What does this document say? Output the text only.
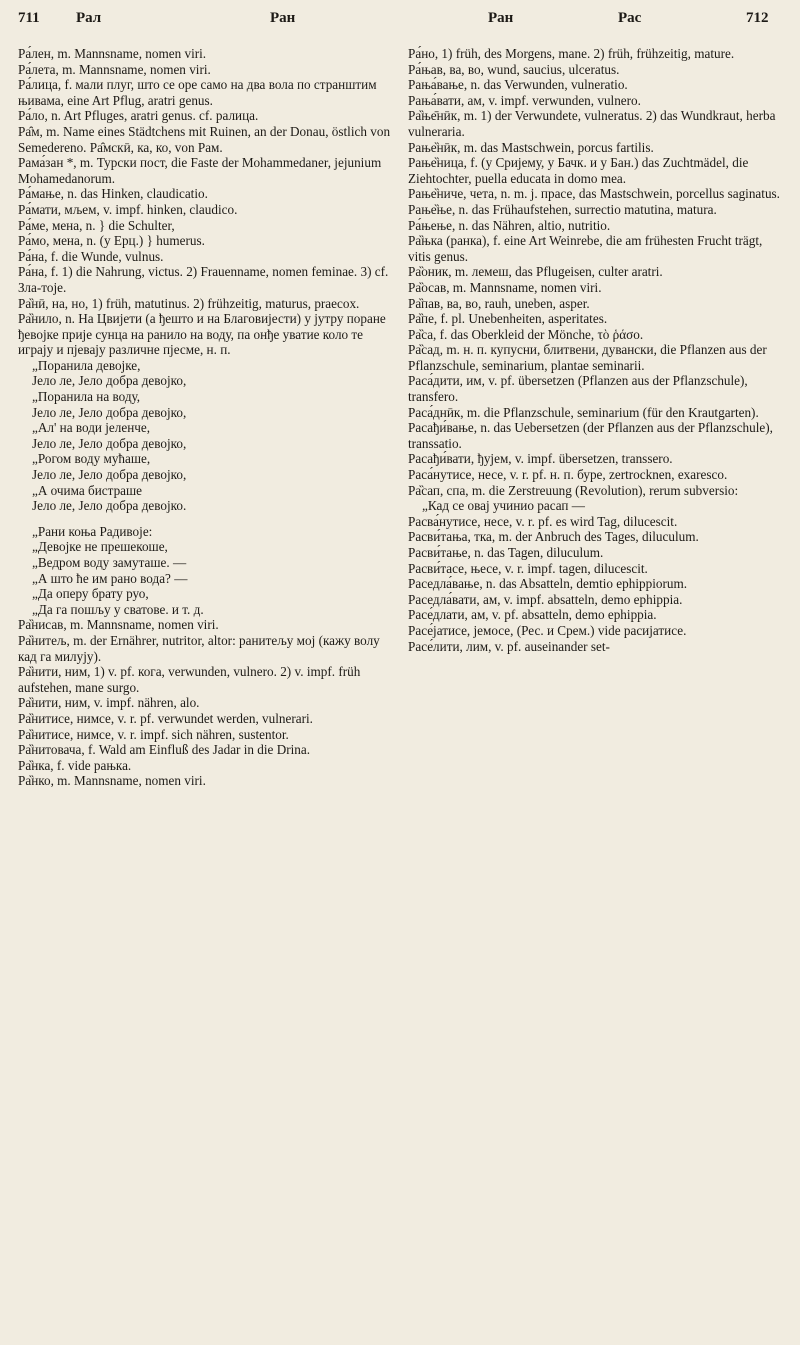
711 Рал	Ран	Ран	Рас	712

Ра́лен, m. Mannsname, nomen viri.

Ра́лета, m. Mannsname, nomen viri.

Ра́лица, f. мали плуг, што се оре само на два вола по странштим њивама, eine Art Pflug, aratri genus.

Ра́ло, n. Art Pfluges, aratri genus. cf. ралица.

Ра̑м, m. Name eines Städtchens mit Ruinen, an der Donau, östlich von Semedereno. Ра̑мскӣ, ка, ко, von Рам.

Рама́зан *, m. Турски пост, die Faste der Mohammedaner, jejunium Mohamedanorum.

Ра́мање, n. das Hinken, claudicatio.

Ра́мати, мљем, v. impf. hinken, claudico.

Ра́ме, мена, n. } die Schulter,

Ра́мо, мена, n. (у Ерц.) } humerus.

Ра́на, f. die Wunde, vulnus.

Ра́на, f. 1) die Nahrung, victus. 2) Frauenname, nomen feminae. 3) cf. Зла-тоје.

Ра̏нӣ, на, но, 1) früh, matutinus. 2) frühzeitig, maturus, praecox.

Ра̏нило, n. На Цвијети (а ђешто и на Благовијести) у јутру поране ђевојке прије сунца на ранило на воду, па онђе уватие коло те играју и пјевају различне пјесме, н. п.

„Поранила девојке,

Јело ле, Јело добра девојко,

„Поранила на воду,

Јело ле, Јело добра девојко,

„Ал' на води јеленче,

Јело ле, Јело добра девојко,

„Рогом воду мућаше,

Јело ле, Јело добра девојко,

„А очима бистраше

Јело ле, Јело добра девојко.

„Рани коња Радивоје:

„Девојке не прешекоше,

„Ведром воду замуташе. —

„А што ће им рано вода? —

„Да оперу брату руо,

„Да га пошљу у сватове. и т. д.

Ра̏нисав, m. Mannsname, nomen viri.

Ра̏нитељ, m. der Ernährer, nutritor, altor: ранитељу мој (кажу волу кад га милују).

Ра̏нити, ним, 1) v. pf. кога, verwunden, vulnero. 2) v. impf. früh aufstehen, mane surgo.

Ра̏нити, ним, v. impf. nähren, alo.

Ра̏нитисе, нимсе, v. r. pf. verwundet werden, vulnerari.

Ра̏нитисе, нимсе, v. r. impf. sich nähren, sustentor.

Ра̏нитовача, f. Wald am Einfluß des Jadar in die Drina.

Ра̏нка, f. vide рањка.

Ра̏нко, m. Mannsname, nomen viri.

Ра́но, 1) früh, des Morgens, mane. 2) früh, frühzeitig, mature.

Ра́њав, ва, во, wund, saucius, ulceratus.

Рања́вање, n. das Verwunden, vulneratio.

Рања́вати, ам, v. impf. verwunden, vulnero.

Ра̏ње̄нӣк, m. 1) der Verwundete, vulneratus. 2) das Wundkraut, herba vulneraria.

Рање̏нӣк, m. das Mastschwein, porcus fartilis.

Рање̏ница, f. (у Сријему, у Бачк. и у Бан.) das Zuchtmädel, die Ziehtochter, puella educata in domo mea.

Рање̏ниче, чета, n. m. j. прасе, das Mastschwein, porcellus saginatus.

Рање̏ње, n. das Frühaufstehen, surrectio matutina, matura.

Ра́њење, n. das Nähren, altio, nutritio.

Ра̏њка (ранка), f. eine Art Weinrebe, die am frühesten Frucht trägt, vitis genus.

Ра̏оник, m. лемеш, das Pflugeisen, culter aratri.

Ра̏осав, m. Mannsname, nomen viri.

Ра̏пав, ва, во, rauh, uneben, asper.

Ра̏пе, f. pl. Unebenheiten, asperitates.

Ра̏са, f. das Oberkleid der Mönche, τὸ ῥάσο.

Ра̏сад, m. н. п. купусни, блитвени, дувански, die Pflanzen aus der Pflanzschule, seminarium, plantae seminarii.

Раса́дити, им, v. pf. übersetzen (Pflanzen aus der Pflanzschule), transfero.

Раса́днӣк, m. die Pflanzschule, seminarium (für den Krautgarten).

Расађи́вање, n. das Uebersetzen (der Pflanzen aus der Pflanzschule), transsatio.

Расађи́вати, ђујем, v. impf. übersetzen, transsero.

Раса́нутисе, несе, v. r. pf. н. п. буре, zertrocknen, exaresco.

Ра̏сап, спа, m. die Zerstreuung (Revolution), rerum subversio:

„Кад се овај учинио расап —

Расва́нутисе, несе, v. r. pf. es wird Tag, dilucescit.

Расви́тања, тка, m. der Anbruch des Tages, diluculum.

Расви́тање, n. das Tagen, diluculum.

Расви́тасе, њесе, v. r. impf. tagen, dilucescit.

Раседла́вање, n. das Absatteln, demtio ephippiorum.

Раседла́вати, ам, v. impf. absatteln, demo ephippia.

Расе́длати, ам, v. pf. absatteln, demo ephippia.

Расе́јатисе, јемосе, (Рес. и Срем.) vide расијатисе.

Расе́лити, лим, v. pf. auseinander set-
